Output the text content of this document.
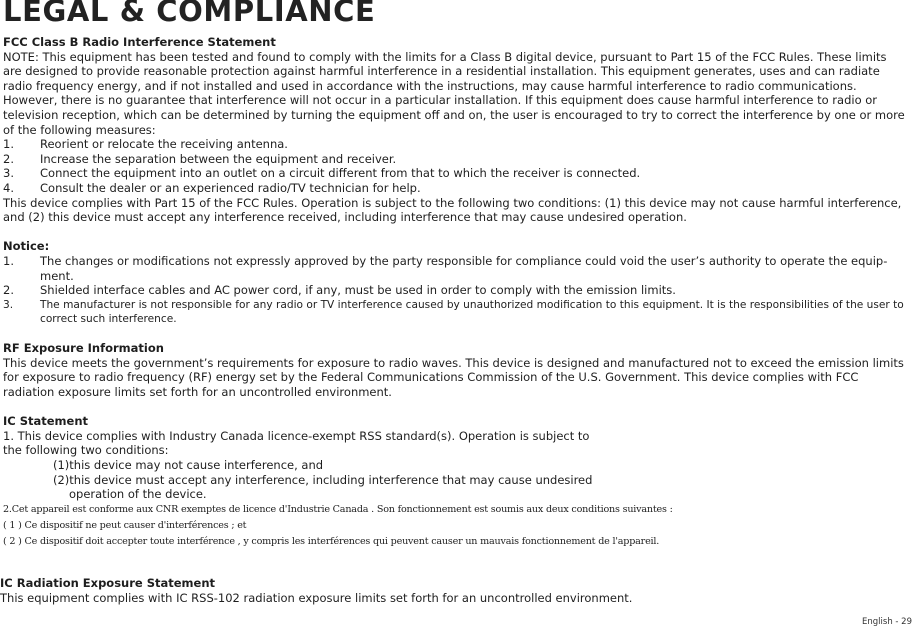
LEGAL & COMPLIANCE
FCC Class B Radio Interference Statement

NOTE: This equipment has been tested and found to comply with the limits for a Class B digital device, pursuant to Part 15 of the FCC Rules. These limits are designed to provide reasonable protection against harmful interference in a residential installation. This equipment generates, uses and can radiate radio frequency energy, and if not installed and used in accordance with the instructions, may cause harmful interference to radio communications. However, there is no guarantee that interference will not occur in a particular installation. If this equipment does cause harmful interference to radio or television reception, which can be determined by turning the equipment off and on, the user is encouraged to try to correct the interference by one or more of the following measures:

1.	Reorient or relocate the receiving antenna.
2.	Increase the separation between the equipment and receiver.
3.	Connect the equipment into an outlet on a circuit different from that to which the receiver is connected.
4.	Consult the dealer or an experienced radio/TV technician for help.

This device complies with Part 15 of the FCC Rules. Operation is subject to the following two conditions: (1) this device may not cause harmful interference, and (2) this device must accept any interference received, including interference that may cause undesired operation.

Notice:
1.	The changes or modifications not expressly approved by the party responsible for compliance could void the user’s authority to operate the equip-ment.
2.	Shielded interface cables and AC power cord, if any, must be used in order to comply with the emission limits.
3.	The manufacturer is not responsible for any radio or TV interference caused by unauthorized modification to this equipment. It is the responsibilities of the user to correct such interference.
RF Exposure Information

This device meets the government’s requirements for exposure to radio waves. This device is designed and manufactured not to exceed the emission limits for exposure to radio frequency (RF) energy set by the Federal Communications Commission of the U.S. Government. This device complies with FCC radiation exposure limits set forth for an uncontrolled environment.

IC Statement
1. This device complies with Industry Canada licence-exempt RSS standard(s). Operation is subject to
the following two conditions:
(1)this device may not cause interference, and
(2)this device must accept any interference, including interference that may cause undesired
operation of the device.
2.Cet appareil est conforme aux CNR exemptes de licence d'Industrie Canada . Son fonctionnement est soumis aux deux conditions suivantes :
( 1 ) Ce dispositif ne peut causer d'interférences ; et
( 2 ) Ce dispositif doit accepter toute interférence , y compris les interférences qui peuvent causer un mauvais fonctionnement de l'appareil.
IC Radiation Exposure Statement
This equipment complies with IC RSS-102 radiation exposure limits set forth for an uncontrolled environment.
English - 29
